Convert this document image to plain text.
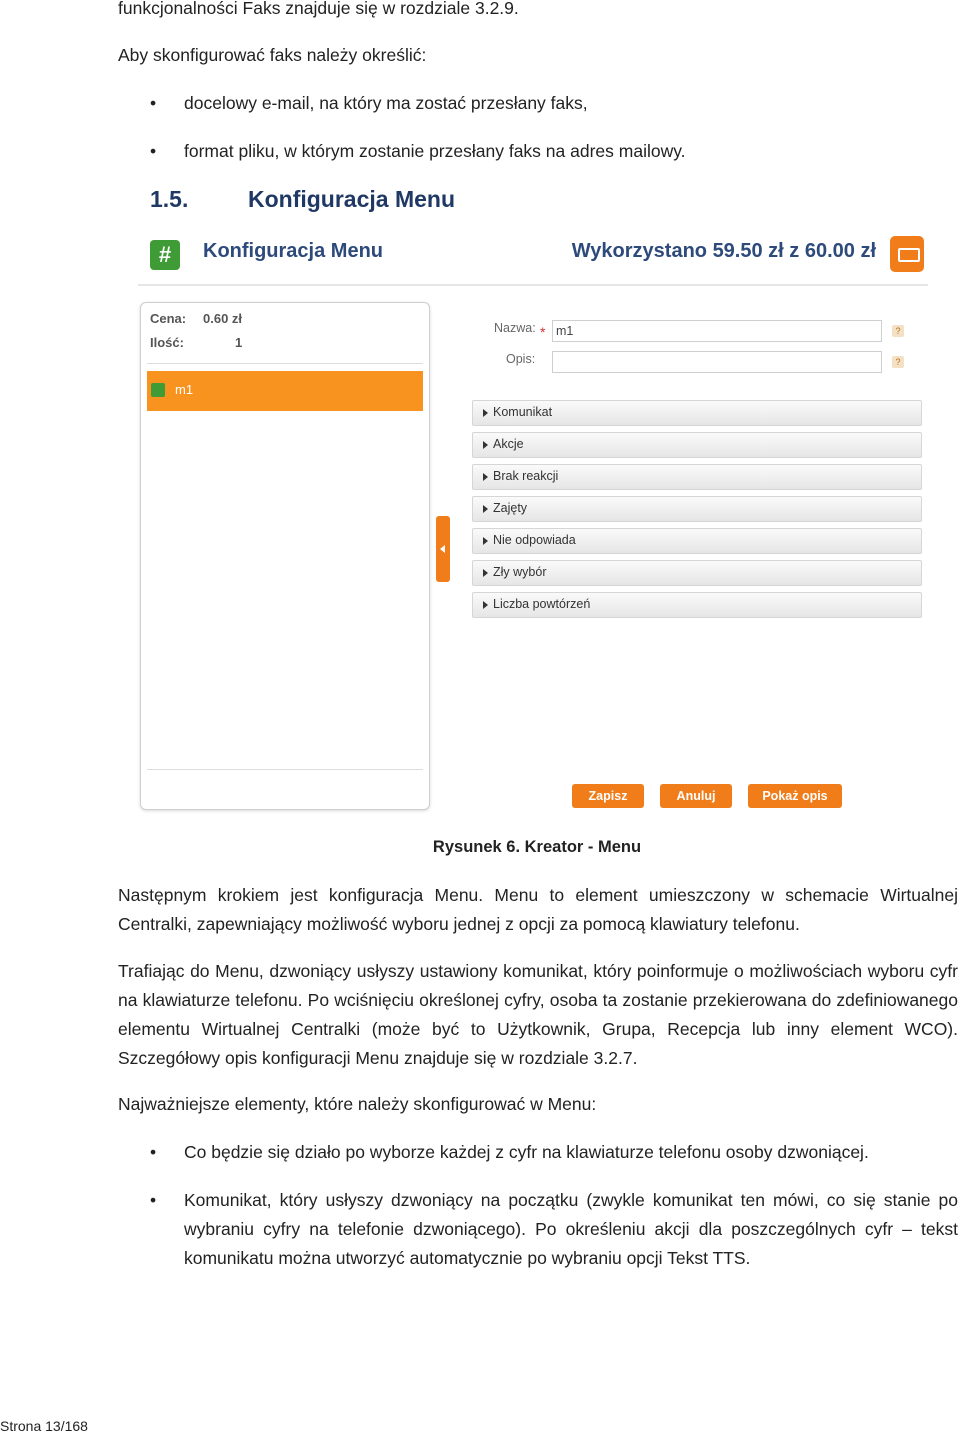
funkcjonalności Faks znajduje się w rozdziale 3.2.9.
Aby skonfigurować faks należy określić:
• docelowy e-mail, na który ma zostać przesłany faks,
• format pliku, w którym zostanie przesłany faks na adres mailowy.
1.5.	Konfiguracja Menu
#	Konfiguracja Menu	Wykorzystano 59.50 zł z 60.00 zł
Cena: 0.60 zł
Ilość:	1
m1
Nazwa: *
m1	?
Opis:	?
Komunikat
Akcje
Brak reakcji
Zajęty
Nie odpowiada
Zły wybór
Liczba powtórzeń
Zapisz	Anuluj	Pokaż opis
Rysunek 6. Kreator - Menu
Następnym krokiem jest konfiguracja Menu. Menu to element umieszczony w schemacie Wirtualnej Centralki, zapewniający możliwość wyboru jednej z opcji za pomocą klawiatury telefonu.
Trafiając do Menu, dzwoniący usłyszy ustawiony komunikat, który poinformuje o możliwościach wyboru cyfr na klawiaturze telefonu. Po wciśnięciu określonej cyfry, osoba ta zostanie przekierowana do zdefiniowanego elementu Wirtualnej Centralki (może być to Użytkownik, Grupa, Recepcja lub inny element WCO). Szczegółowy opis konfiguracji Menu znajduje się w rozdziale 3.2.7.
Najważniejsze elementy, które należy skonfigurować w Menu:
• Co będzie się działo po wyborze każdej z cyfr na klawiaturze telefonu osoby dzwoniącej.
• Komunikat, który usłyszy dzwoniący na początku (zwykle komunikat ten mówi, co się stanie po wybraniu cyfry na telefonie dzwoniącego). Po określeniu akcji dla poszczególnych cyfr – tekst komunikatu można utworzyć automatycznie po wybraniu opcji Tekst TTS.
Strona 13/168
